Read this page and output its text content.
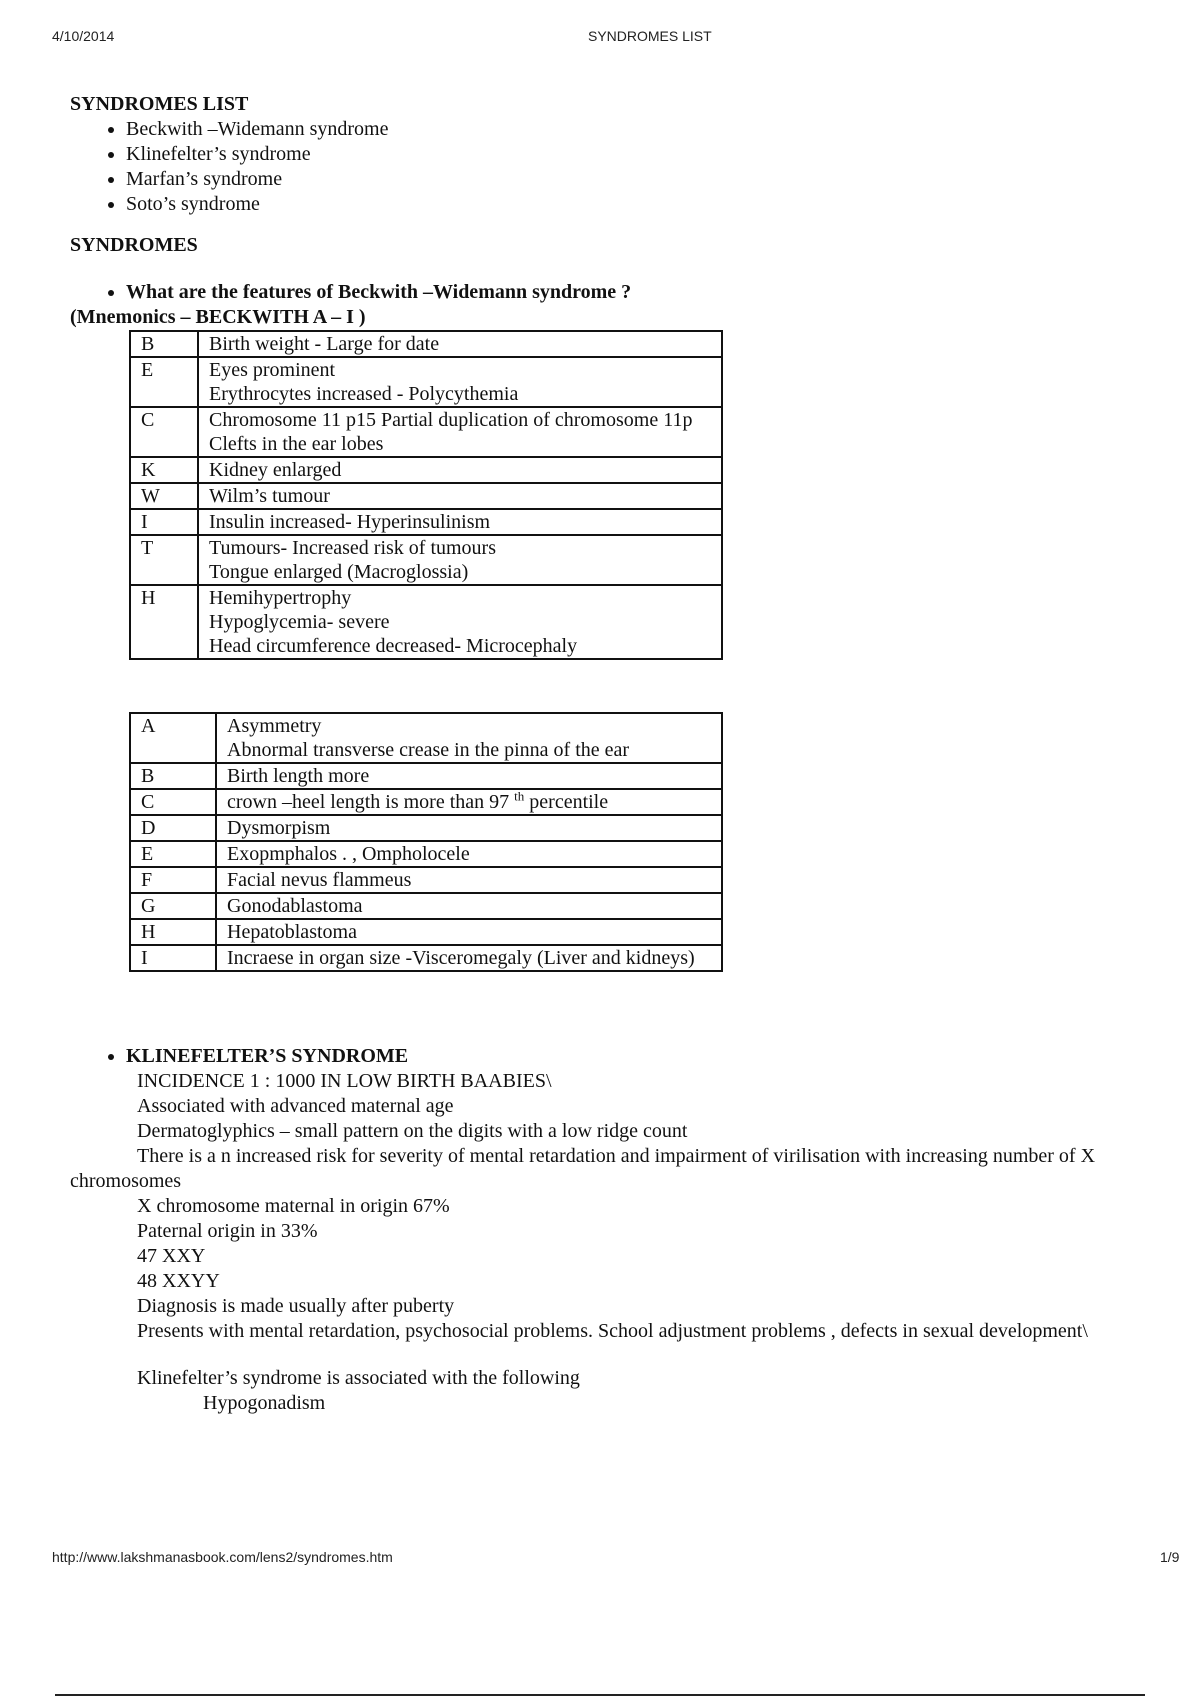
4/10/2014	SYNDROMES LIST
SYNDROMES LIST
• Beckwith –Widemann syndrome
• Klinefelter’s syndrome
• Marfan’s syndrome
• Soto’s syndrome
SYNDROMES
• What are the features of Beckwith –Widemann syndrome ?
(Mnemonics – BECKWITH A – I )
B	Birth weight - Large for date

E	Eyes prominent
Erythrocytes increased - Polycythemia

C	Chromosome 11 p15 Partial duplication of chromosome 11p
Clefts in the ear lobes

K	Kidney enlarged

W	Wilm’s tumour

I	Insulin increased- Hyperinsulinism

T	Tumours- Increased risk of tumours
Tongue enlarged (Macroglossia)

H	Hemihypertrophy
Hypoglycemia- severe
Head circumference decreased- Microcephaly
A	Asymmetry
Abnormal transverse crease in the pinna of the ear

B	Birth length more

C	crown –heel length is more than 97 $^{th}$ percentile
D	Dysmorpism

E	Exopmphalos . , Ompholocele

F	Facial nevus flammeus

G	Gonodablastoma

H	Hepatoblastoma

I	Incraese in organ size -Visceromegaly (Liver and kidneys)
• KLINEFELTER’S SYNDROME
INCIDENCE 1 : 1000 IN LOW BIRTH BAABIES\
Associated with advanced maternal age
Dermatoglyphics – small pattern on the digits with a low ridge count
There is a n increased risk for severity of mental retardation and impairment of virilisation with increasing number of X chromosomes
X chromosome maternal in origin 67%
Paternal origin in 33%
47 XXY
48 XXYY
Diagnosis is made usually after puberty
Presents with mental retardation, psychosocial problems. School adjustment problems , defects in sexual development\
Klinefelter’s syndrome is associated with the following
Hypogonadism
http://www.lakshmanasbook.com/lens2/syndromes.htm	1/9
